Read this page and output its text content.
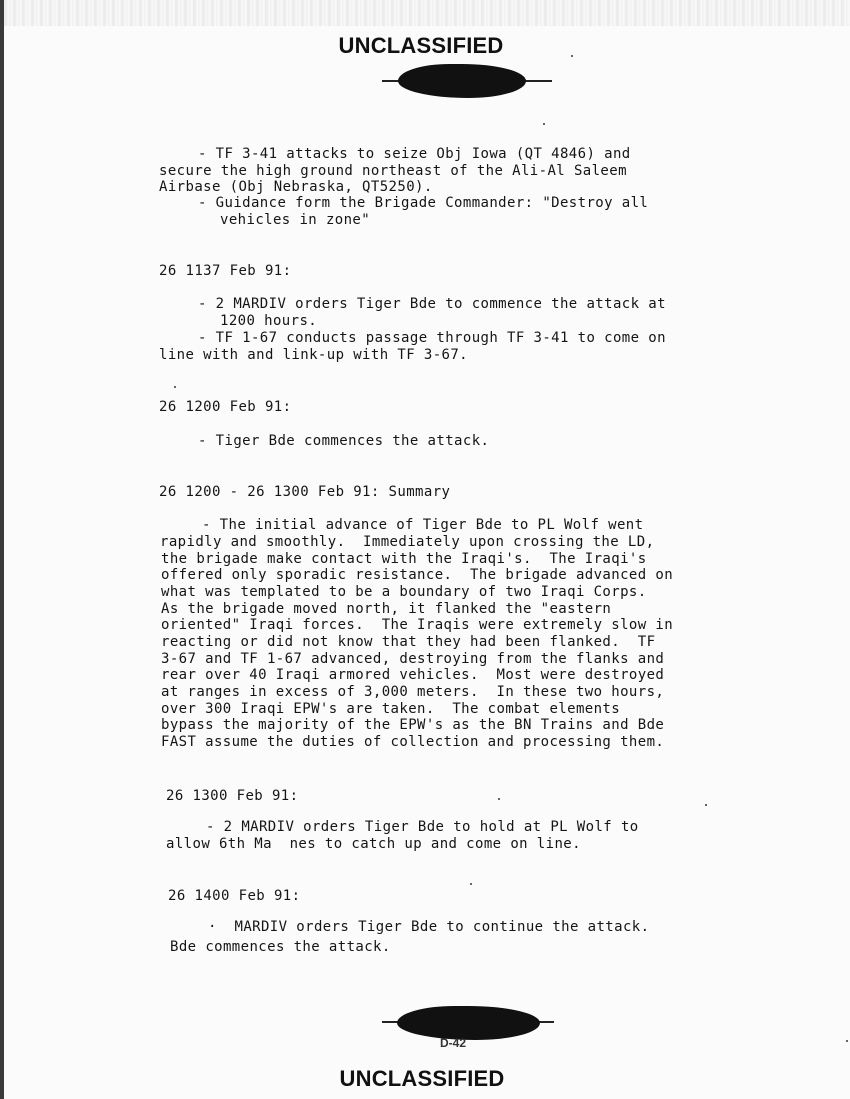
UNCLASSIFIED
- TF 3-41 attacks to seize Obj Iowa (QT 4846) and
secure the high ground northeast of the Ali-Al Saleem
Airbase (Obj Nebraska, QT5250).
- Guidance form the Brigade Commander: "Destroy all
vehicles in zone"
26 1137 Feb 91:
- 2 MARDIV orders Tiger Bde to commence the attack at
1200 hours.
- TF 1-67 conducts passage through TF 3-41 to come on
line with and link-up with TF 3-67.
26 1200 Feb 91:
- Tiger Bde commences the attack.
26 1200 - 26 1300 Feb 91: Summary
- The initial advance of Tiger Bde to PL Wolf went
rapidly and smoothly.  Immediately upon crossing the LD,
the brigade make contact with the Iraqi's.  The Iraqi's
offered only sporadic resistance.  The brigade advanced on
what was templated to be a boundary of two Iraqi Corps.
As the brigade moved north, it flanked the "eastern
oriented" Iraqi forces.  The Iraqis were extremely slow in
reacting or did not know that they had been flanked.  TF
3-67 and TF 1-67 advanced, destroying from the flanks and
rear over 40 Iraqi armored vehicles.  Most were destroyed
at ranges in excess of 3,000 meters.  In these two hours,
over 300 Iraqi EPW's are taken.  The combat elements
bypass the majority of the EPW's as the BN Trains and Bde
FAST assume the duties of collection and processing them.
26 1300 Feb 91:
- 2 MARDIV orders Tiger Bde to hold at PL Wolf to
allow 6th Ma  nes to catch up and come on line.
26 1400 Feb 91:
·  MARDIV orders Tiger Bde to continue the attack.
Bde commences the attack.
D-42
UNCLASSIFIED
